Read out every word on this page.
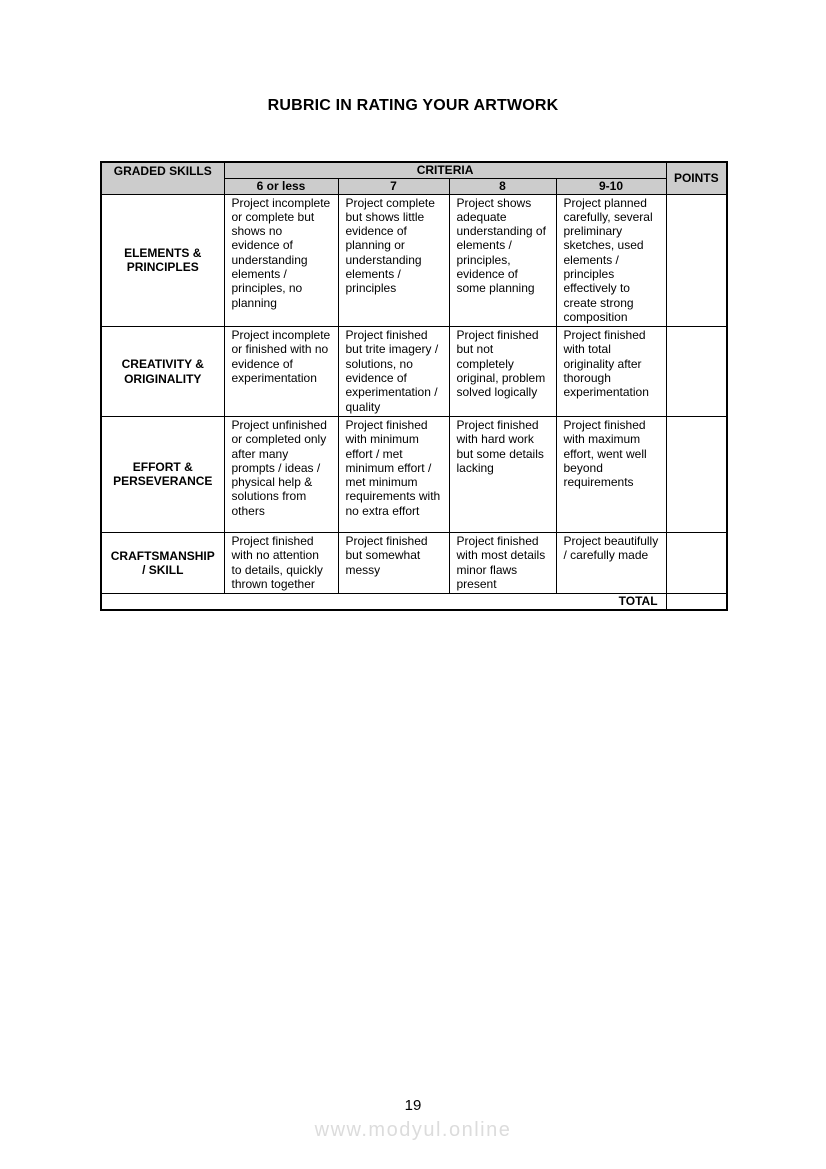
RUBRIC IN RATING YOUR ARTWORK
GRADED SKILLS	CRITERIA				POINTS
	6 or less	7	8	9-10	
ELEMENTS & PRINCIPLES	Project incomplete or complete but shows no evidence of understanding elements / principles, no planning	Project complete but shows little evidence of planning or understanding elements / principles	Project shows adequate understanding of elements / principles, evidence of some planning	Project planned carefully, several preliminary sketches, used elements / principles effectively to create strong composition	
CREATIVITY & ORIGINALITY	Project incomplete or finished with no evidence of experimentation	Project finished but trite imagery / solutions, no evidence of experimentation / quality	Project finished but not completely original, problem solved logically	Project finished with total originality after thorough experimentation	
EFFORT & PERSEVERANCE	Project unfinished or completed only after many prompts / ideas / physical help & solutions from others	Project finished with minimum effort / met minimum effort / met minimum requirements with no extra effort	Project finished with hard work but some details lacking	Project finished with maximum effort, went well beyond requirements	
CRAFTSMANSHIP / SKILL	Project finished with no attention to details, quickly thrown together	Project finished but somewhat messy	Project finished with most details minor flaws present	Project beautifully / carefully made	
TOTAL					
19
www.modyul.online
